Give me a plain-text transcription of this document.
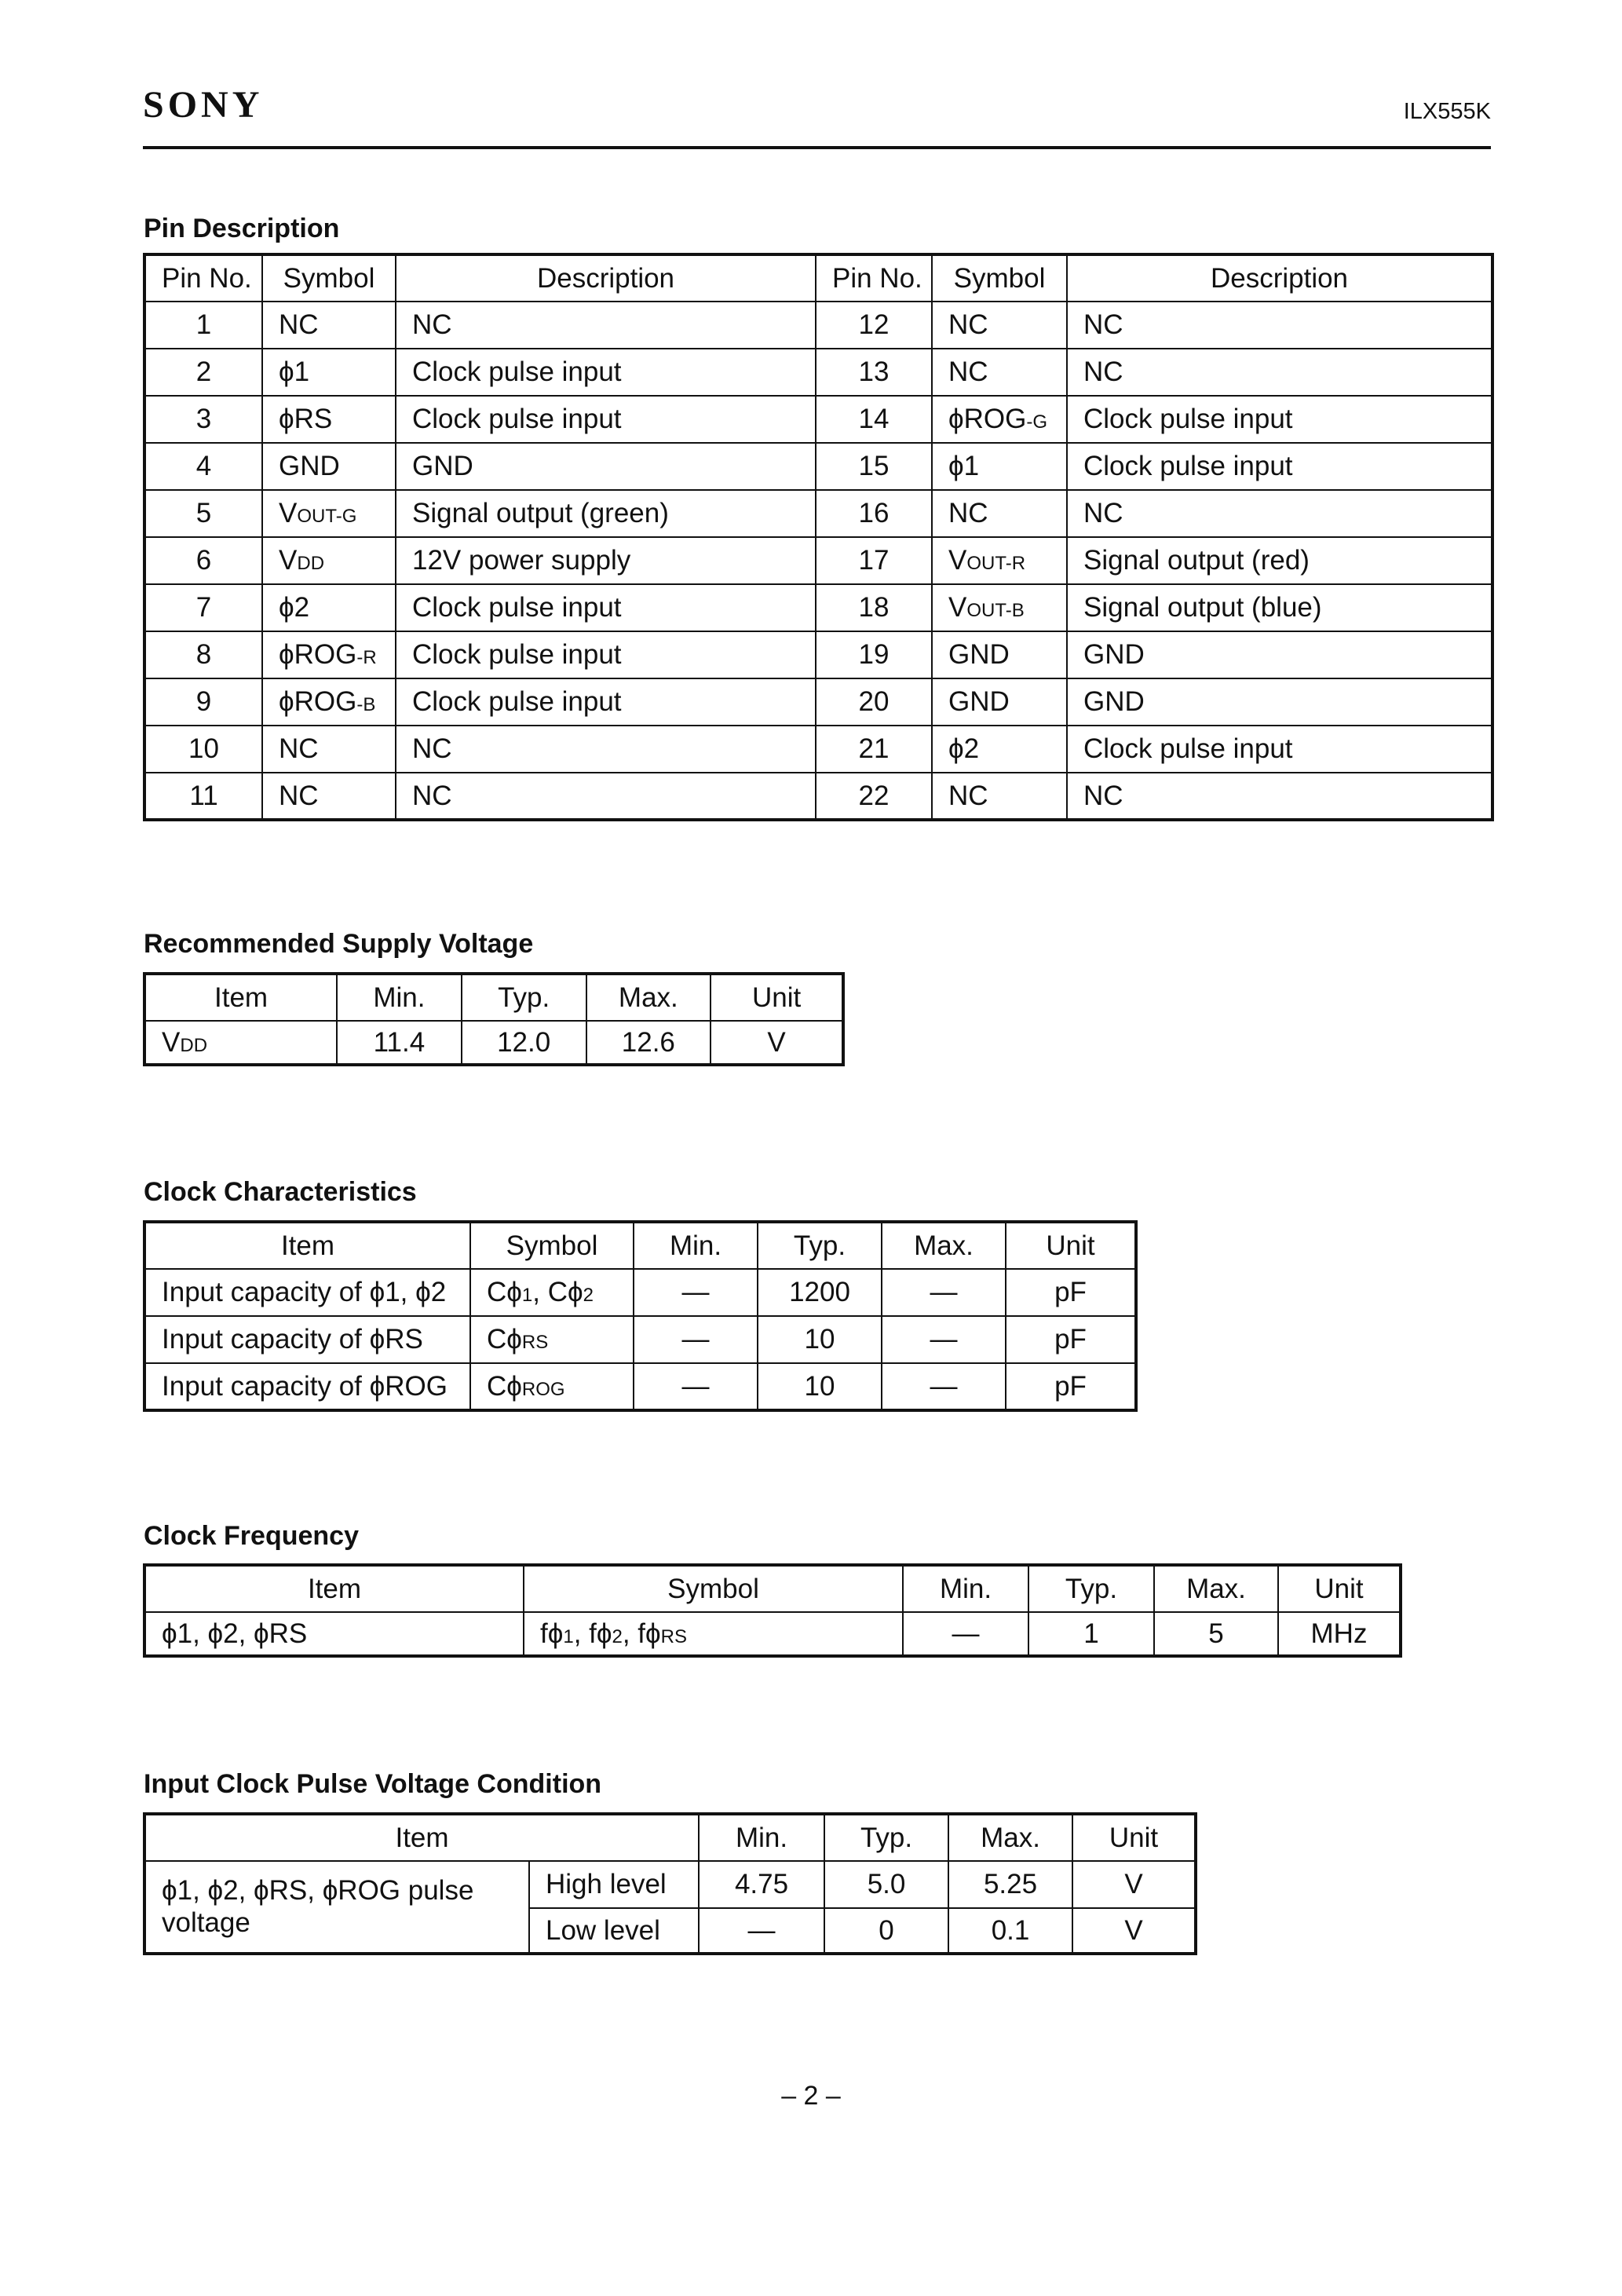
SONY	ILX555K
Pin Description
Pin No.	Symbol	Description	Pin No.	Symbol	Description
1	NC	NC	12	NC	NC
2	ϕ1	Clock pulse input	13	NC	NC
3	ϕRS	Clock pulse input	14	ϕROG-G	Clock pulse input
4	GND	GND	15	ϕ1	Clock pulse input
5	VOUT-G	Signal output (green)	16	NC	NC
6	VDD	12V power supply	17	VOUT-R	Signal output (red)
7	ϕ2	Clock pulse input	18	VOUT-B	Signal output (blue)
8	ϕROG-R	Clock pulse input	19	GND	GND
9	ϕROG-B	Clock pulse input	20	GND	GND
10	NC	NC	21	ϕ2	Clock pulse input
11	NC	NC	22	NC	NC
Recommended Supply Voltage
Item	Min.	Typ.	Max.	Unit
VDD	11.4	12.0	12.6	V
Clock Characteristics
Item	Symbol	Min.	Typ.	Max.	Unit
Input capacity of ϕ1, ϕ2	Cϕ1, Cϕ2	—	1200	—	pF
Input capacity of ϕRS	CϕRS	—	10	—	pF
Input capacity of ϕROG	CϕROG	—	10	—	pF
Clock Frequency
Item	Symbol	Min.	Typ.	Max.	Unit
ϕ1, ϕ2, ϕRS	fϕ1, fϕ2, fϕRS	—	1	5	MHz
Input Clock Pulse Voltage Condition
Item		Min.	Typ.	Max.	Unit
ϕ1, ϕ2, ϕRS, ϕROG pulse voltage	High level	4.75	5.0	5.25	V
	Low level	—	0	0.1	V
– 2 –
